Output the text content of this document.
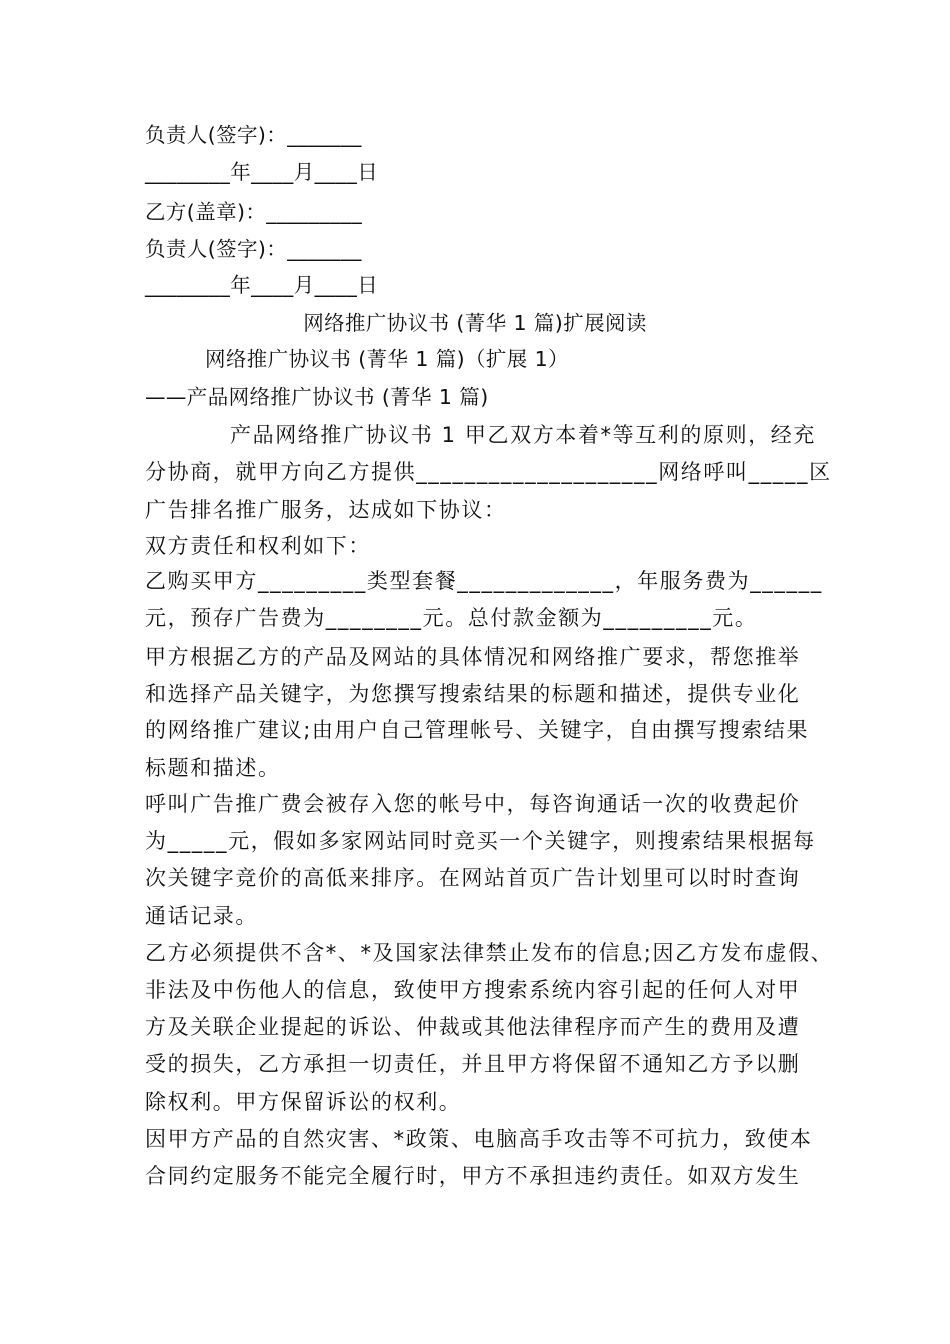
负责人(签字)：_______
________年____月____日
乙方(盖章)：_________
负责人(签字)：_______
________年____月____日
网络推广协议书 (菁华 1 篇)扩展阅读
网络推广协议书 (菁华 1 篇)（扩展 1）
——产品网络推广协议书 (菁华 1 篇)
产品网络推广协议书 1 甲乙双方本着*等互利的原则，经充
分协商，就甲方向乙方提供____________________网络呼叫_____区
广告排名推广服务，达成如下协议：
双方责任和权利如下：
乙购买甲方_________类型套餐_____________，年服务费为______
元，预存广告费为________元。总付款金额为_________元。
甲方根据乙方的产品及网站的具体情况和网络推广要求，帮您推举
和选择产品关键字，为您撰写搜索结果的标题和描述，提供专业化
的网络推广建议;由用户自己管理帐号、关键字，自由撰写搜索结果
标题和描述。
呼叫广告推广费会被存入您的帐号中，每咨询通话一次的收费起价
为_____元，假如多家网站同时竞买一个关键字，则搜索结果根据每
次关键字竞价的高低来排序。在网站首页广告计划里可以时时查询
通话记录。
乙方必须提供不含*、*及国家法律禁止发布的信息;因乙方发布虚假、
非法及中伤他人的信息，致使甲方搜索系统内容引起的任何人对甲
方及关联企业提起的诉讼、仲裁或其他法律程序而产生的费用及遭
受的损失，乙方承担一切责任，并且甲方将保留不通知乙方予以删
除权利。甲方保留诉讼的权利。
因甲方产品的自然灾害、*政策、电脑高手攻击等不可抗力，致使本
合同约定服务不能完全履行时，甲方不承担违约责任。如双方发生
